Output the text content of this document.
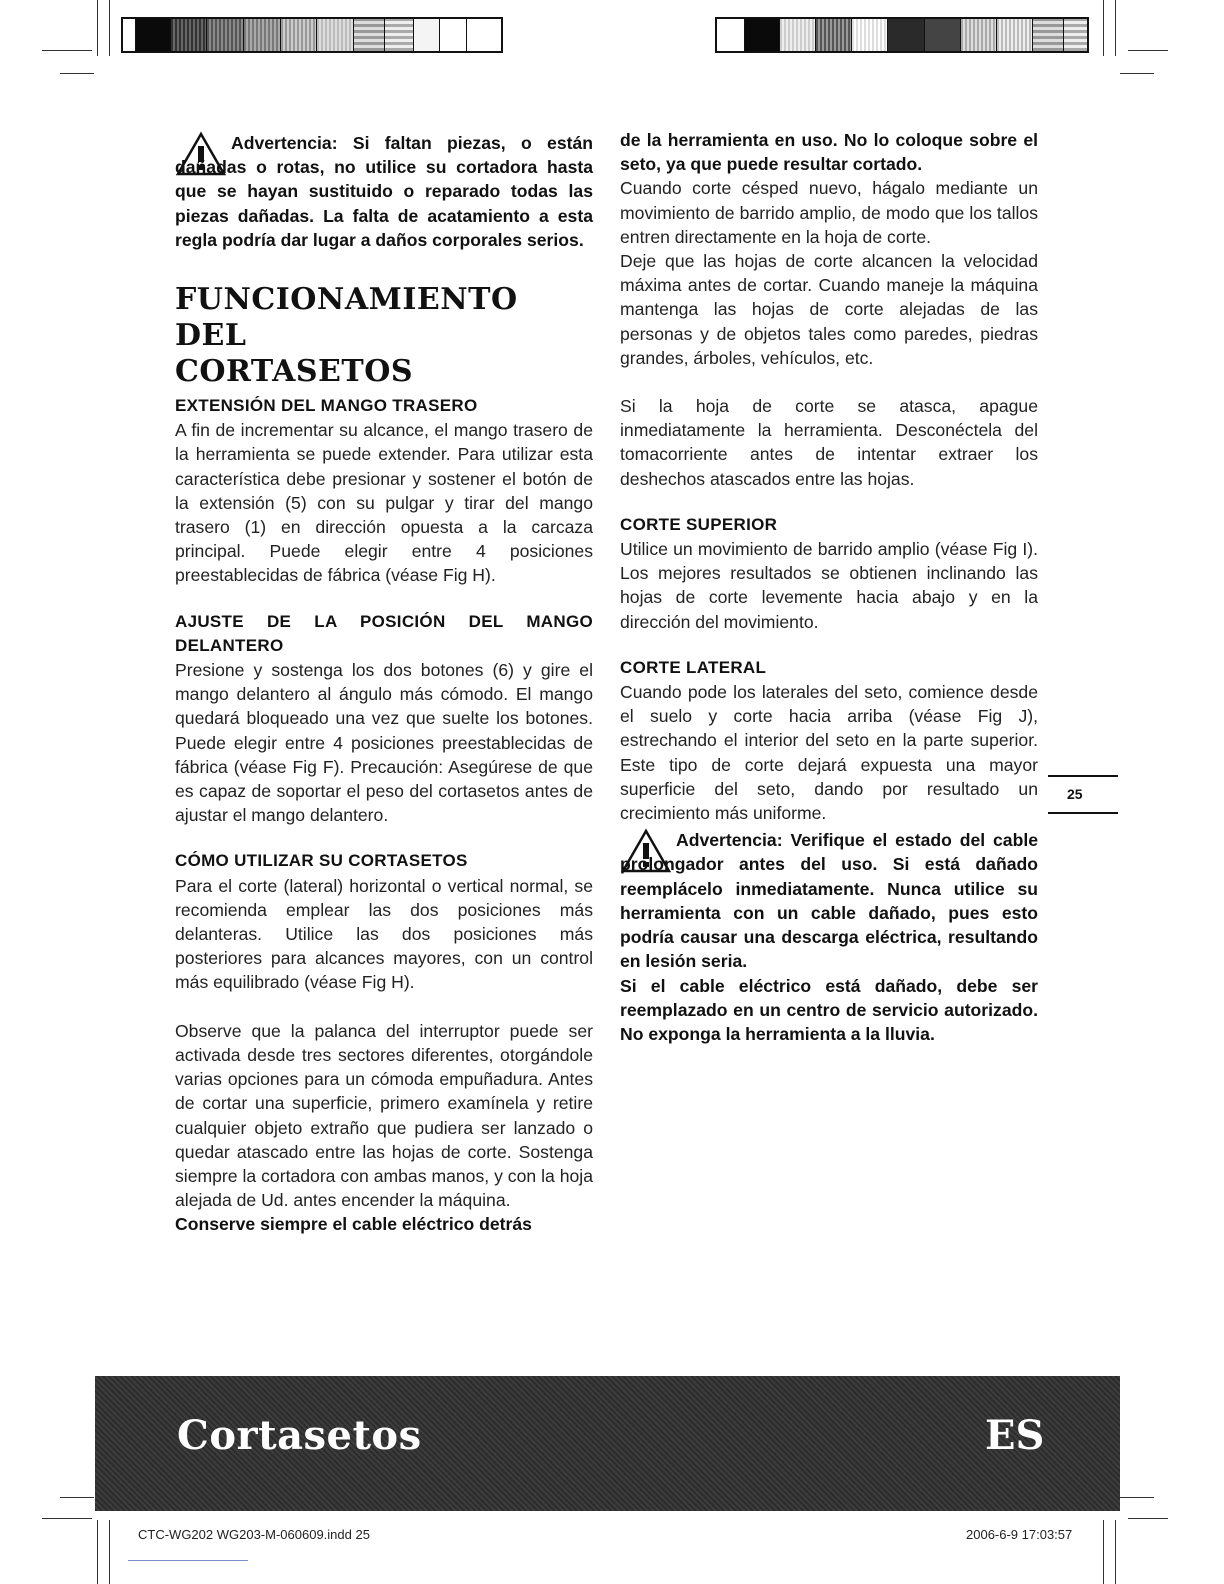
Advertencia: Si faltan piezas, o están dañadas o rotas, no utilice su cortadora hasta que se hayan sustituido o reparado todas las piezas dañadas. La falta de acatamiento a esta regla podría dar lugar a daños corporales serios.

FUNCIONAMIENTO DEL

CORTASETOS

EXTENSIÓN DEL MANGO TRASERO

A fin de incrementar su alcance, el mango trasero de la herramienta se puede extender. Para utilizar esta característica debe presionar y sostener el botón de la extensión (5) con su pulgar y tirar del mango trasero (1) en dirección opuesta a la carcaza principal. Puede elegir entre 4 posiciones preestablecidas de fábrica (véase Fig H).

AJUSTE DE LA POSICIÓN DEL MANGO DELANTERO

Presione y sostenga los dos botones (6) y gire el mango delantero al ángulo más cómodo. El mango quedará bloqueado una vez que suelte los botones. Puede elegir entre 4 posiciones preestablecidas de fábrica (véase Fig F). Precaución: Asegúrese de que es capaz de soportar el peso del cortasetos antes de ajustar el mango delantero.

CÓMO UTILIZAR SU CORTASETOS

Para el corte (lateral) horizontal o vertical normal, se recomienda emplear las dos posiciones más delanteras. Utilice las dos posiciones más posteriores para alcances mayores, con un control más equilibrado (véase Fig H).

Observe que la palanca del interruptor puede ser activada desde tres sectores diferentes, otorgándole varias opciones para un cómoda empuñadura. Antes de cortar una superficie, primero examínela y retire cualquier objeto extraño que pudiera ser lanzado o quedar atascado entre las hojas de corte. Sostenga siempre la cortadora con ambas manos, y con la hoja alejada de Ud. antes encender la máquina.

Conserve siempre el cable eléctrico detrás

de la herramienta en uso. No lo coloque sobre el seto, ya que puede resultar cortado.

Cuando corte césped nuevo, hágalo mediante un movimiento de barrido amplio, de modo que los tallos entren directamente en la hoja de corte.

Deje que las hojas de corte alcancen la velocidad máxima antes de cortar. Cuando maneje la máquina mantenga las hojas de corte alejadas de las personas y de objetos tales como paredes, piedras grandes, árboles, vehículos, etc.

Si la hoja de corte se atasca, apague inmediatamente la herramienta. Desconéctela del tomacorriente antes de intentar extraer los deshechos atascados entre las hojas.

CORTE SUPERIOR

Utilice un movimiento de barrido amplio (véase Fig I). Los mejores resultados se obtienen inclinando las hojas de corte levemente hacia abajo y en la dirección del movimiento.

CORTE LATERAL

Cuando pode los laterales del seto, comience desde el suelo y corte hacia arriba (véase Fig J), estrechando el interior del seto en la parte superior. Este tipo de corte dejará expuesta una mayor superficie del seto, dando por resultado un crecimiento más uniforme.

Advertencia: Verifique el estado del cable prolongador antes del uso. Si está dañado reemplácelo inmediatamente. Nunca utilice su herramienta con un cable dañado, pues esto podría causar una descarga eléctrica, resultando en lesión seria.

Si el cable eléctrico está dañado, debe ser reemplazado en un centro de servicio autorizado. No exponga la herramienta a la lluvia.

25
Cortasetos	ES
CTC-WG202 WG203-M-060609.indd 25	2006-6-9 17:03:57
